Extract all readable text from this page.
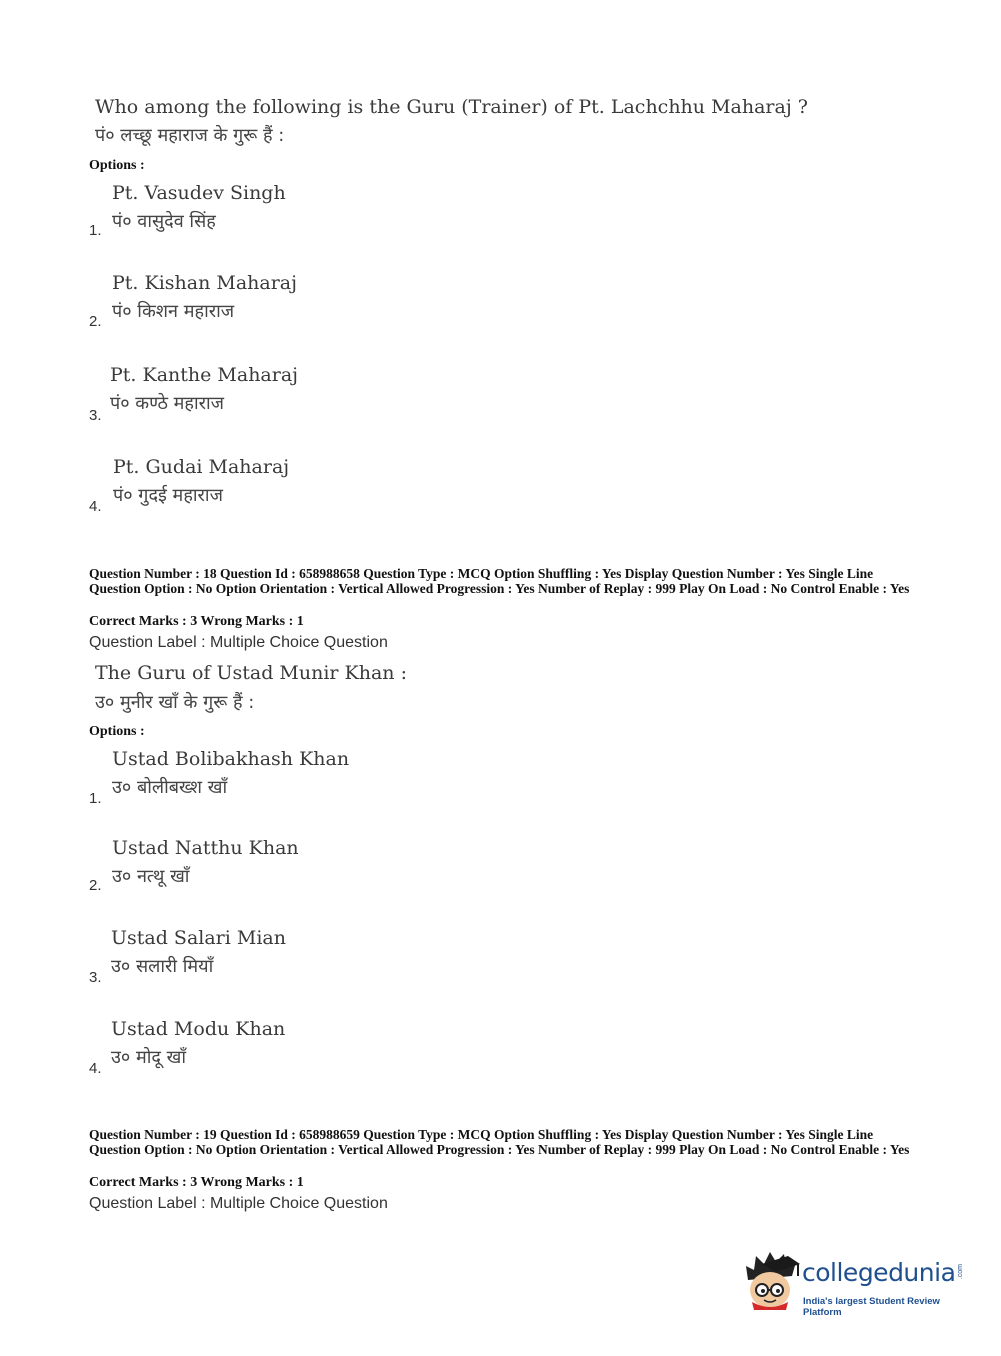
Who among the following is the Guru (Trainer) of Pt. Lachchhu Maharaj ?
पं० लच्छू महाराज के गुरू हैं :
Options :
Pt. Vasudev Singh
पं० वासुदेव सिंह
1.
Pt. Kishan Maharaj
पं० किशन महाराज
2.
Pt. Kanthe Maharaj
पं० कण्ठे महाराज
3.
Pt. Gudai Maharaj
पं० गुदई महाराज
4.
Question Number : 18 Question Id : 658988658 Question Type : MCQ Option Shuffling : Yes Display Question Number : Yes Single Line Question Option : No Option Orientation : Vertical Allowed Progression : Yes Number of Replay : 999 Play On Load : No Control Enable : Yes
Correct Marks : 3 Wrong Marks : 1
Question Label : Multiple Choice Question
The Guru of Ustad Munir Khan :
उ० मुनीर खाँ के गुरू हैं :
Options :
Ustad Bolibakhash Khan
उ० बोलीबख्श खाँ
1.
Ustad Natthu Khan
उ० नत्थू खाँ
2.
Ustad Salari Mian
उ० सलारी मियाँ
3.
Ustad Modu Khan
उ० मोदू खाँ
4.
Question Number : 19 Question Id : 658988659 Question Type : MCQ Option Shuffling : Yes Display Question Number : Yes Single Line Question Option : No Option Orientation : Vertical Allowed Progression : Yes Number of Replay : 999 Play On Load : No Control Enable : Yes
Correct Marks : 3 Wrong Marks : 1
Question Label : Multiple Choice Question
collegedunia .com
India's largest Student Review Platform
